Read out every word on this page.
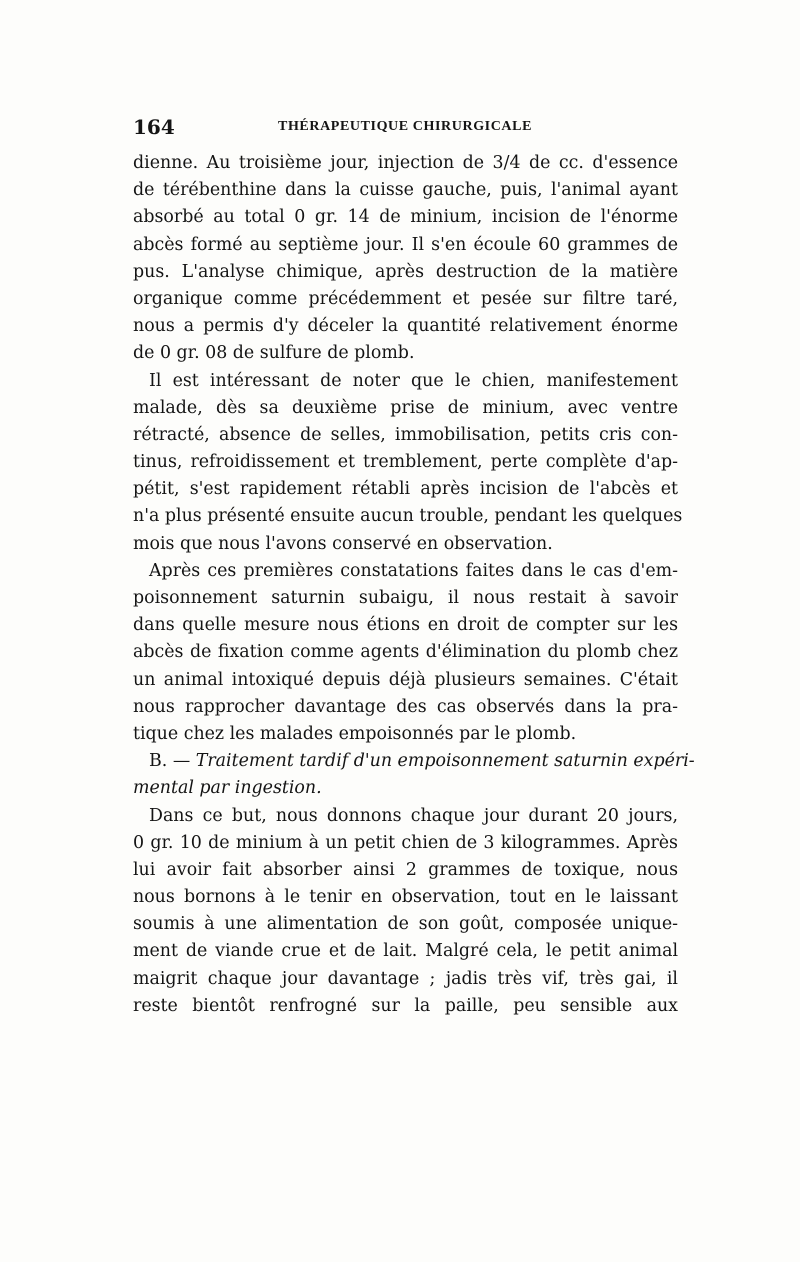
164	THÉRAPEUTIQUE CHIRURGICALE
dienne. Au troisième jour, injection de 3/4 de cc. d'essence
de térébenthine dans la cuisse gauche, puis, l'animal ayant
absorbé au total 0 gr. 14 de minium, incision de l'énorme
abcès formé au septième jour. Il s'en écoule 60 grammes de
pus. L'analyse chimique, après destruction de la matière
organique comme précédemment et pesée sur filtre taré,
nous a permis d'y déceler la quantité relativement énorme
de 0 gr. 08 de sulfure de plomb.
Il est intéressant de noter que le chien, manifestement
malade, dès sa deuxième prise de minium, avec ventre
rétracté, absence de selles, immobilisation, petits cris con-
tinus, refroidissement et tremblement, perte complète d'ap-
pétit, s'est rapidement rétabli après incision de l'abcès et
n'a plus présenté ensuite aucun trouble, pendant les quelques
mois que nous l'avons conservé en observation.
Après ces premières constatations faites dans le cas d'em-
poisonnement saturnin subaigu, il nous restait à savoir
dans quelle mesure nous étions en droit de compter sur les
abcès de fixation comme agents d'élimination du plomb chez
un animal intoxiqué depuis déjà plusieurs semaines. C'était
nous rapprocher davantage des cas observés dans la pra-
tique chez les malades empoisonnés par le plomb.
B. — Traitement tardif d'un empoisonnement saturnin expéri-
mental par ingestion.
Dans ce but, nous donnons chaque jour durant 20 jours,
0 gr. 10 de minium à un petit chien de 3 kilogrammes. Après
lui avoir fait absorber ainsi 2 grammes de toxique, nous
nous bornons à le tenir en observation, tout en le laissant
soumis à une alimentation de son goût, composée unique-
ment de viande crue et de lait. Malgré cela, le petit animal
maigrit chaque jour davantage ; jadis très vif, très gai, il
reste bientôt renfrogné sur la paille, peu sensible aux
